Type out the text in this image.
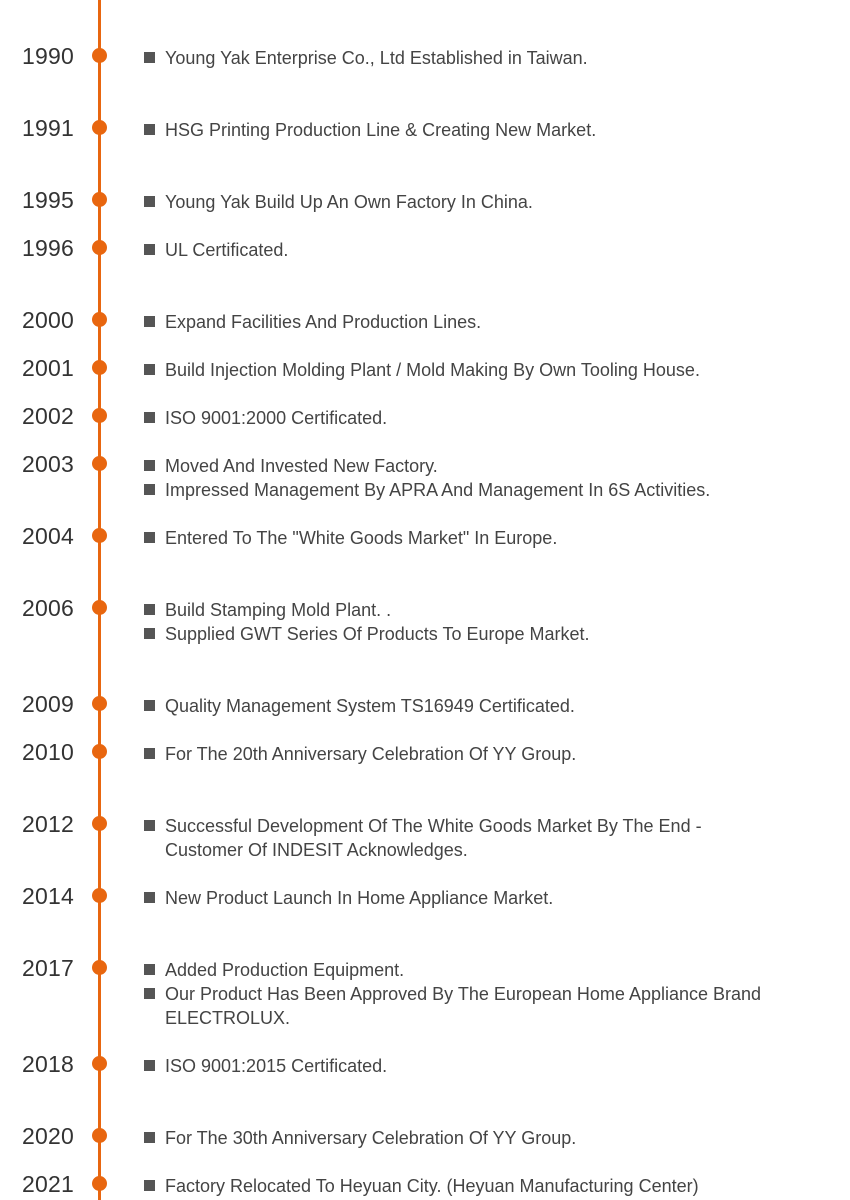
1990	Young Yak Enterprise Co., Ltd Established in Taiwan.
1991	HSG Printing Production Line & Creating New Market.
1995	Young Yak Build Up An Own Factory In China.
1996	UL Certificated.
2000	Expand Facilities And Production Lines.
2001	Build Injection Molding Plant / Mold Making By Own Tooling House.
2002	ISO 9001:2000 Certificated.
2003	Moved And Invested New Factory.
Impressed Management By APRA And Management In 6S Activities.
2004	Entered To The "White Goods Market" In Europe.
2006	Build Stamping Mold Plant. .
Supplied GWT Series Of Products To Europe Market.
2009	Quality Management System TS16949 Certificated.
2010	For The 20th Anniversary Celebration Of YY Group.
2012	Successful Development Of The White Goods Market By The End - Customer Of INDESIT Acknowledges.
2014	New Product Launch In Home Appliance Market.
2017	Added Production Equipment.
Our Product Has Been Approved By The European Home Appliance Brand ELECTROLUX.
2018	ISO 9001:2015 Certificated.
2020	For The 30th Anniversary Celebration Of YY Group.
2021	Factory Relocated To Heyuan City. (Heyuan Manufacturing Center)
